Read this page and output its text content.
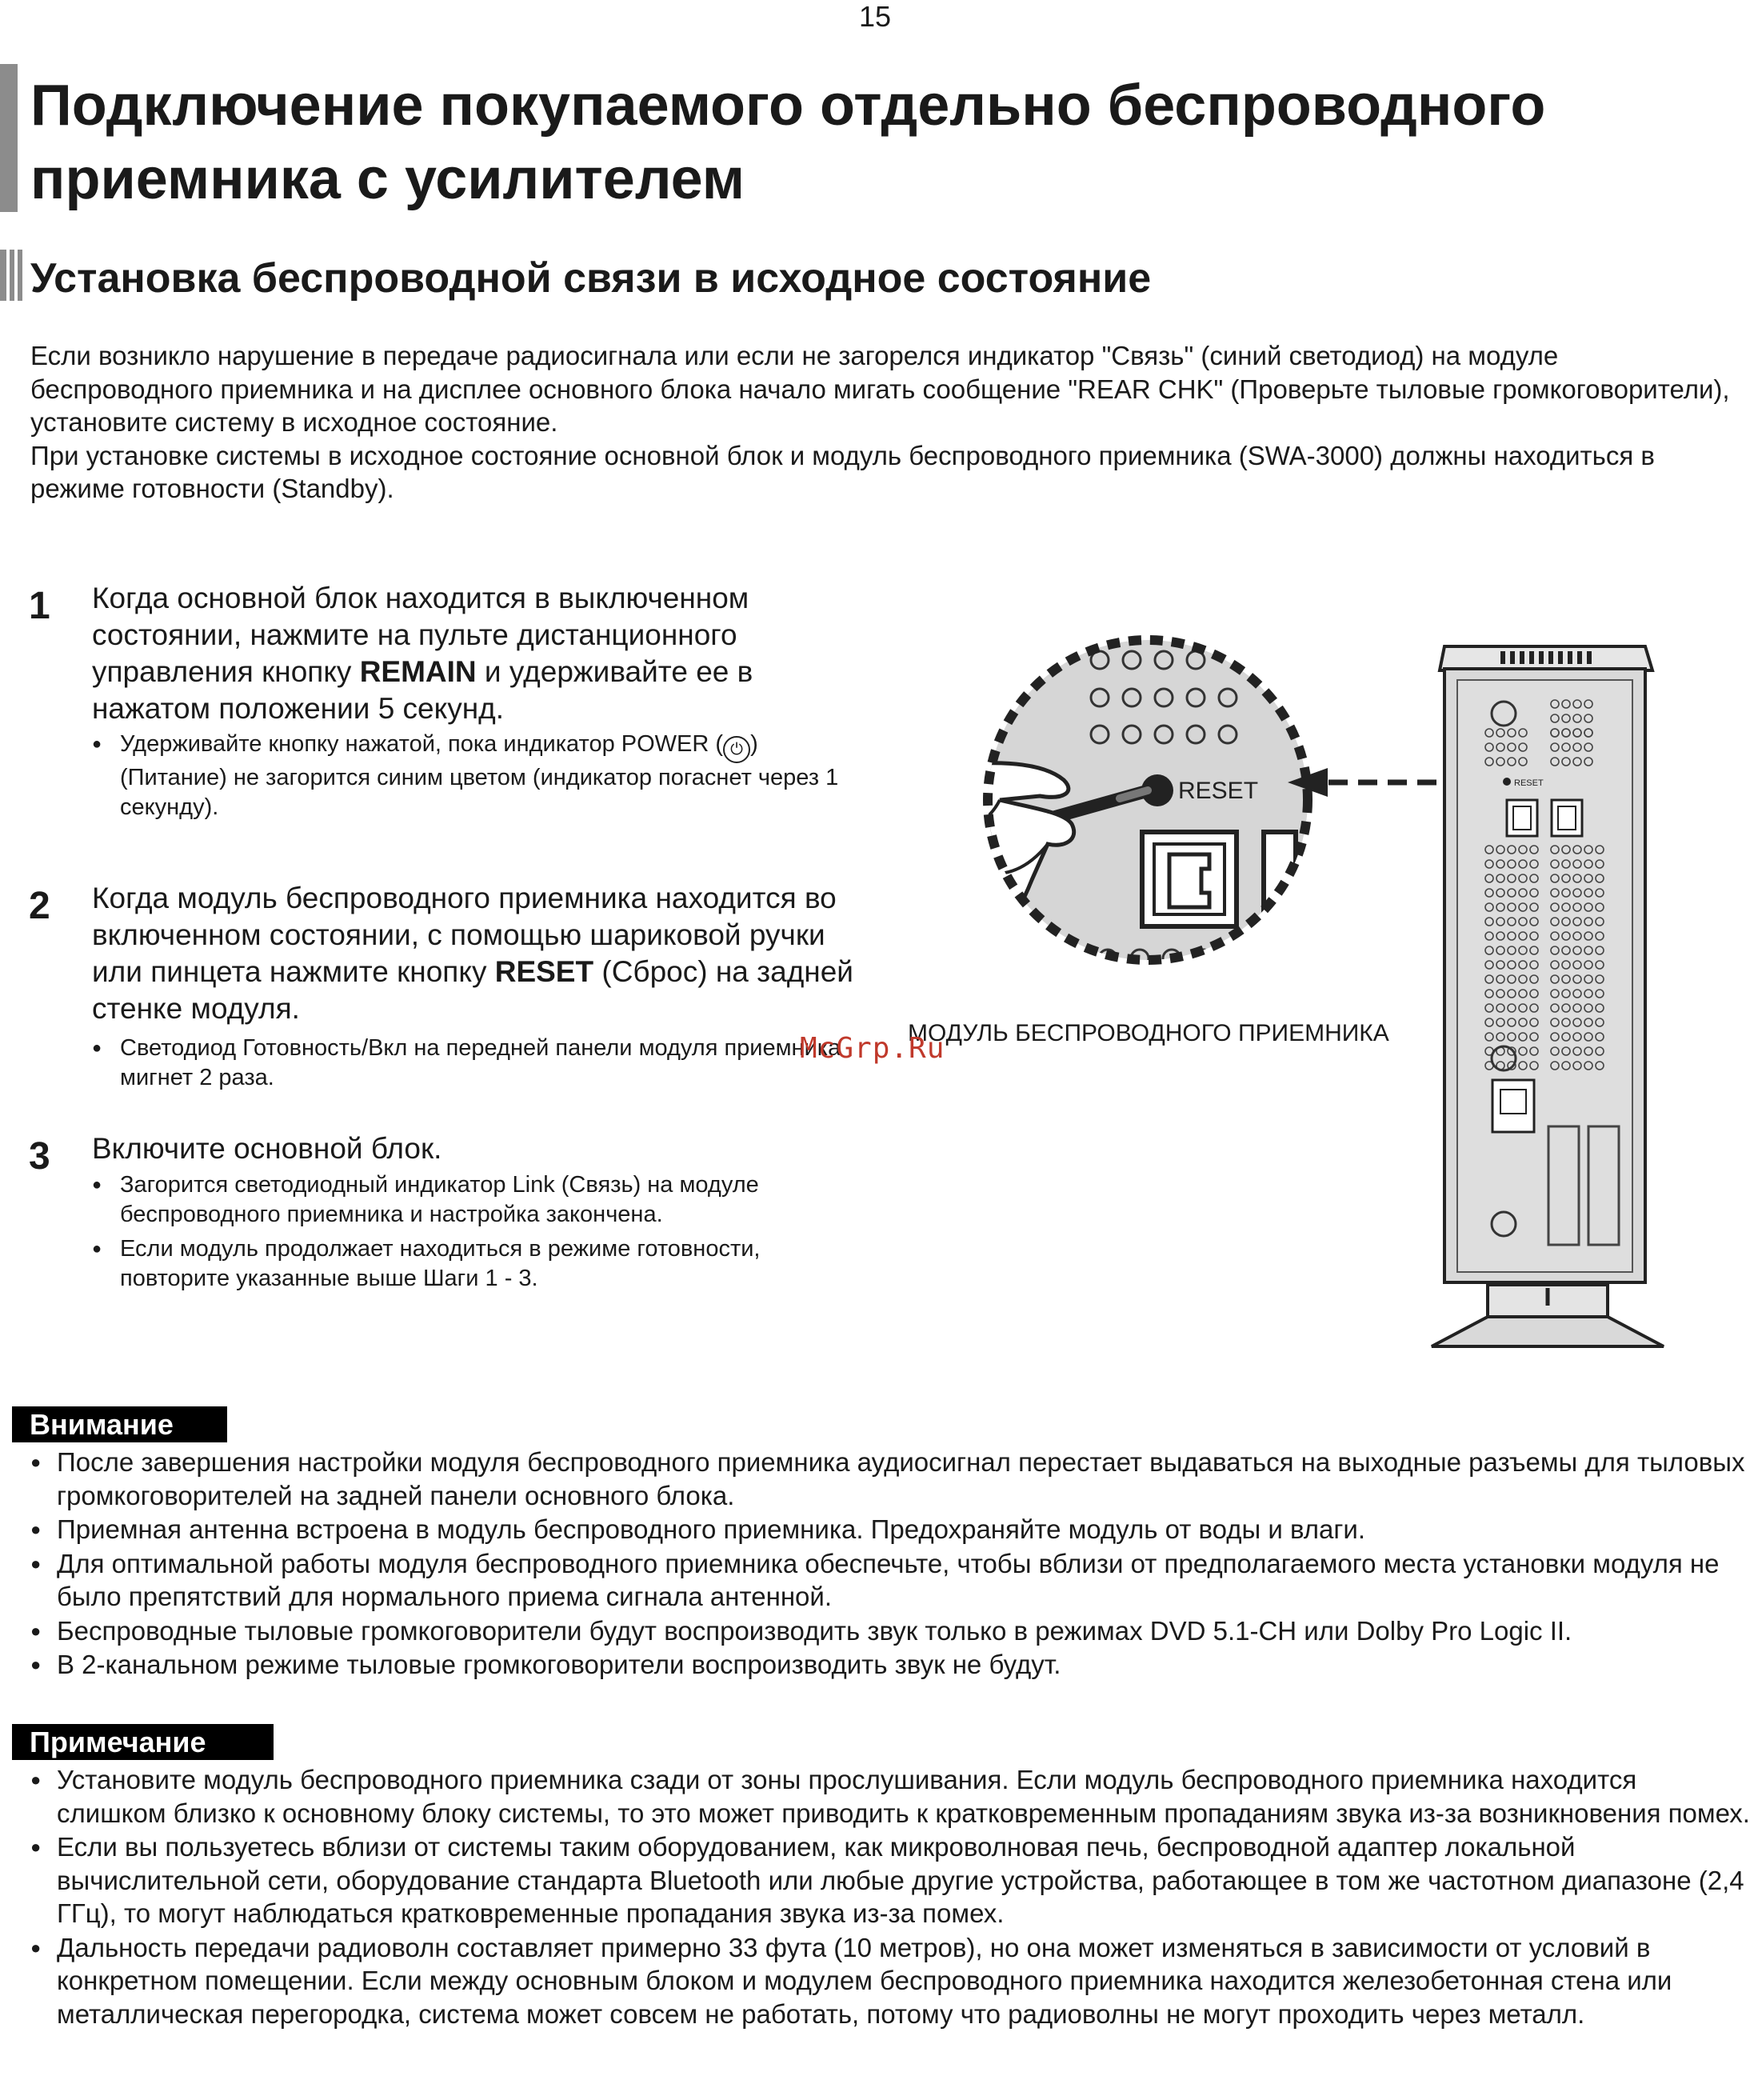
15
Подключение покупаемого отдельно беспроводного приемника с усилителем
Установка беспроводной связи в исходное состояние

Если возникло нарушение в передаче радиосигнала или если не загорелся индикатор "Связь" (синий светодиод) на модуле беспроводного приемника и на дисплее основного блока начало мигать сообщение "REAR CHK" (Проверьте тыловые громкоговорители), установите систему в исходное состояние.
При установке системы в исходное состояние основной блок и модуль беспроводного приемника (SWA-3000) должны находиться в режиме готовности (Standby).

1 Когда основной блок находится в выключенном состоянии, нажмите на пульте дистанционного управления кнопку REMAIN и удерживайте ее в нажатом положении 5 секунд.

● Удерживайте кнопку нажатой, пока индикатор POWER ( ⏻ ) (Питание) не загорится синим цветом (индикатор погаснет через 1 секунду).
2 Когда модуль беспроводного приемника находится во включенном состоянии, с помощью шариковой ручки или пинцета нажмите кнопку RESET (Сброс) на задней стенке модуля.

● Светодиод Готовность/Вкл на передней панели модуля приемника мигнет 2 раза.
3 Включите основной блок.

● Загорится светодиодный индикатор Link (Связь) на модуле беспроводного приемника и настройка закончена.
● Если модуль продолжает находиться в режиме готовности, повторите указанные выше Шаги 1 - 3.
RESET	RESET
МОДУЛЬ БЕСПРОВОДНОГО ПРИЕМНИКА
McGrp.Ru
Внимание
● После завершения настройки модуля беспроводного приемника аудиосигнал перестает выдаваться на выходные разъемы для тыловых громкоговорителей на задней панели основного блока.
● Приемная антенна встроена в модуль беспроводного приемника. Предохраняйте модуль от воды и влаги.
● Для оптимальной работы модуля беспроводного приемника обеспечьте, чтобы вблизи от предполагаемого места установки модуля не было препятствий для нормального приема сигнала антенной.
● Беспроводные тыловые громкоговорители будут воспроизводить звук только в режимах DVD 5.1-CH или Dolby Pro Logic II.
● В 2-канальном режиме тыловые громкоговорители воспроизводить звук не будут.
Примечание
● Установите модуль беспроводного приемника сзади от зоны прослушивания. Если модуль беспроводного приемника находится слишком близко к основному блоку системы, то это может приводить к кратковременным пропаданиям звука из-за возникновения помех.
● Если вы пользуетесь вблизи от системы таким оборудованием, как микроволновая печь, беспроводной адаптер локальной вычислительной сети, оборудование стандарта Bluetooth или любые другие устройства, работающее в том же частотном диапазоне (2,4 ГГц), то могут наблюдаться кратковременные пропадания звука из-за помех.
● Дальность передачи радиоволн составляет примерно 33 фута (10 метров), но она может изменяться в зависимости от условий в конкретном помещении. Если между основным блоком и модулем беспроводного приемника находится железобетонная стена или металлическая перегородка, система может совсем не работать, потому что радиоволны не могут проходить через металл.
